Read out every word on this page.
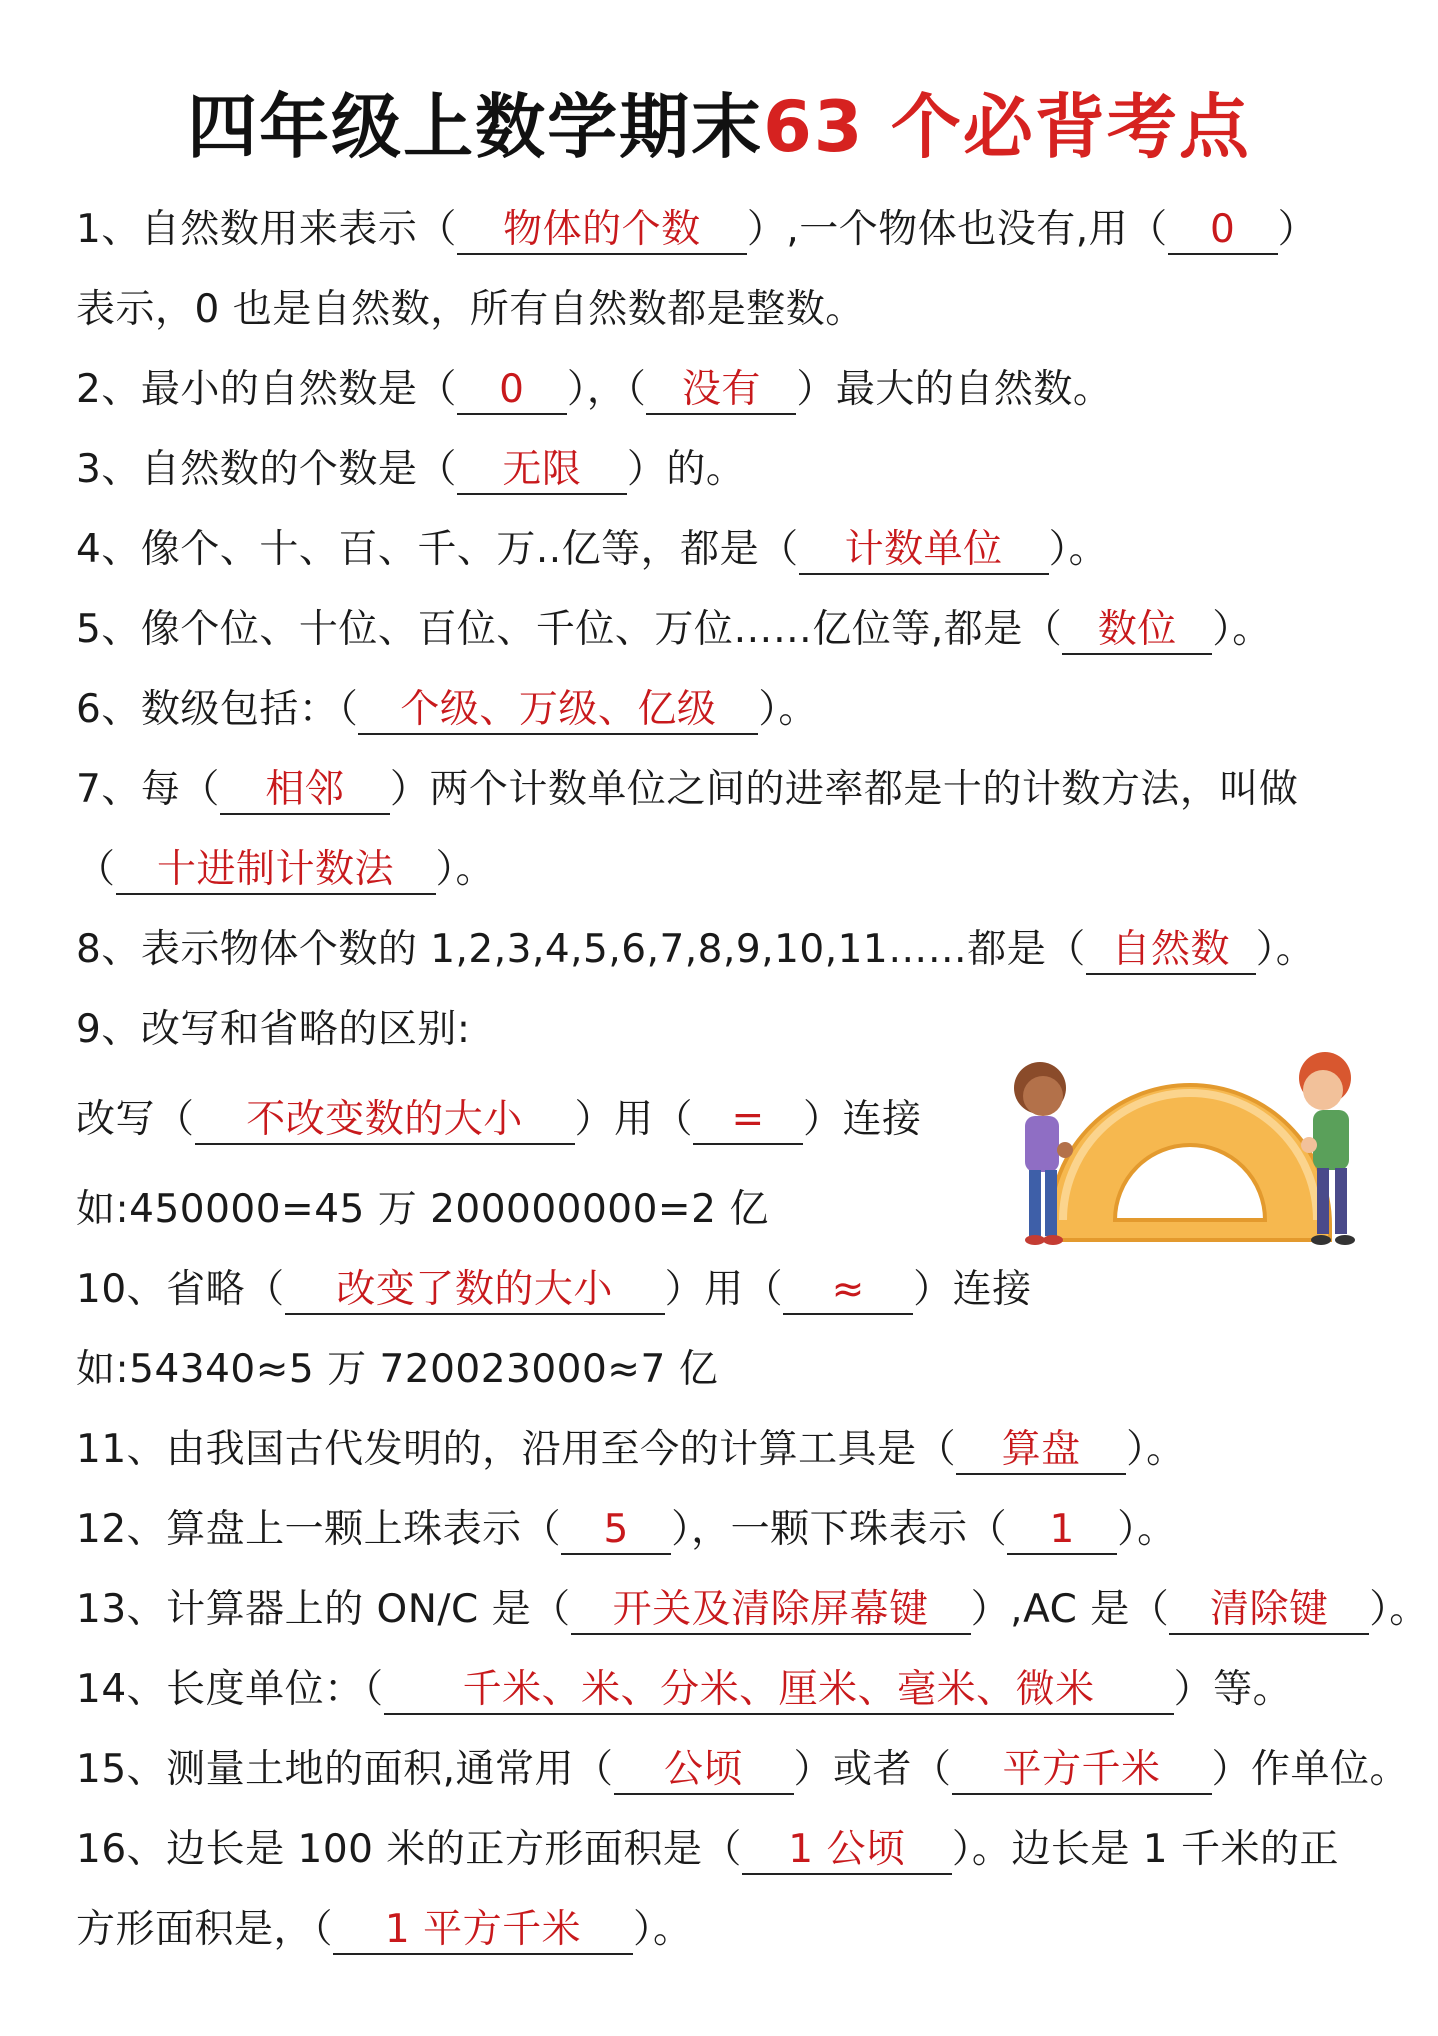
四年级上数学期末63 个必背考点
1、自然数用来表示（ 物体的个数 ）,一个物体也没有,用（ 0 ）
表示，0 也是自然数，所有自然数都是整数。
2、最小的自然数是（ 0 ），（ 没有 ）最大的自然数。
3、自然数的个数是（ 无限 ）的。
4、像个、十、百、千、万..亿等，都是（ 计数单位 ）。
5、像个位、十位、百位、千位、万位……亿位等,都是（ 数位 ）。
6、数级包括：（ 个级、万级、亿级 ）。
7、每（ 相邻 ）两个计数单位之间的进率都是十的计数方法，叫做
（ 十进制计数法 ）。
8、表示物体个数的 1,2,3,4,5,6,7,8,9,10,11……都是（ 自然数 ）。
9、改写和省略的区别:
改写（ 不改变数的大小 ）用（ = ）连接
如:450000=45 万 200000000=2 亿
10、省略（ 改变了数的大小 ）用（ ≈ ）连接
如:54340≈5 万 720023000≈7 亿
11、由我国古代发明的，沿用至今的计算工具是（ 算盘 ）。
12、算盘上一颗上珠表示（ 5 ），一颗下珠表示（ 1 ）。
13、计算器上的 ON/C 是（ 开关及清除屏幕键 ）,AC 是（ 清除键 ）。
14、长度单位：（ 千米、米、分米、厘米、毫米、微米 ）等。
15、测量土地的面积,通常用（ 公顷 ）或者（ 平方千米 ）作单位。
16、边长是 100 米的正方形面积是（ 1 公顷 ）。边长是 1 千米的正
方形面积是，（ 1 平方千米 ）。
